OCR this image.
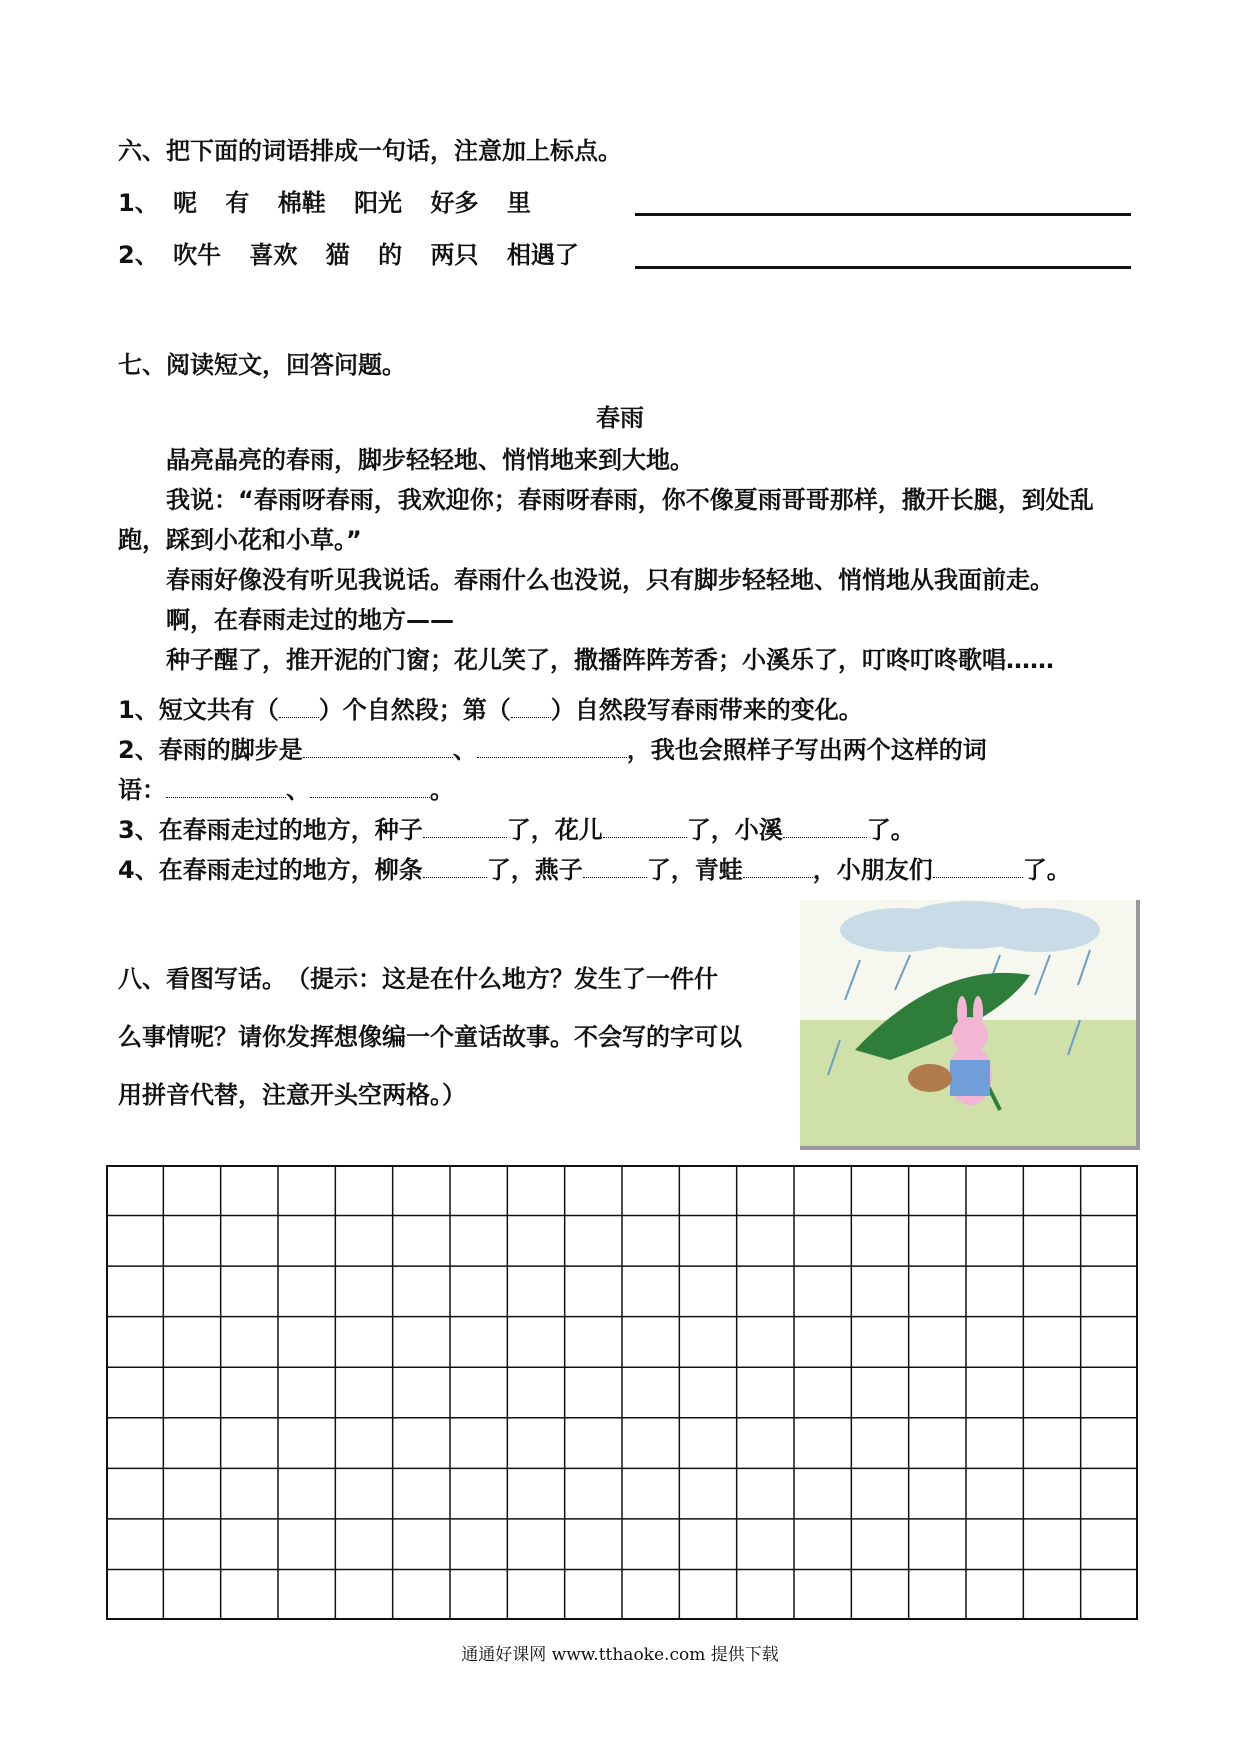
六、把下面的词语排成一句话，注意加上标点。
1、 呢 有 棉鞋 阳光 好多 里
2、 吹牛 喜欢 猫 的 两只 相遇了
七、阅读短文，回答问题。
春雨
晶亮晶亮的春雨，脚步轻轻地、悄悄地来到大地。
我说：“春雨呀春雨，我欢迎你；春雨呀春雨，你不像夏雨哥哥那样，撒开长腿，到处乱跑，踩到小花和小草。”
春雨好像没有听见我说话。春雨什么也没说，只有脚步轻轻地、悄悄地从我面前走。
啊，在春雨走过的地方——
种子醒了，推开泥的门窗；花儿笑了，撒播阵阵芳香；小溪乐了，叮咚叮咚歌唱……
1、短文共有（ ）个自然段；第（ ）自然段写春雨带来的变化。
2、春雨的脚步是	、	，我也会照样子写出两个这样的词
语：	、	。
3、在春雨走过的地方，种子	了，花儿	了，小溪	了。
4、在春雨走过的地方，柳条	了，燕子	了，青蛙	，小朋友们	了。
八、看图写话。　（提示：这是在什么地方？发生了一件什
么事情呢？请你发挥想像编一个童话故事。不会写的字可以
用拼音代替，注意开头空两格。）
通通好课网 www.tthaoke.com 提供下载
